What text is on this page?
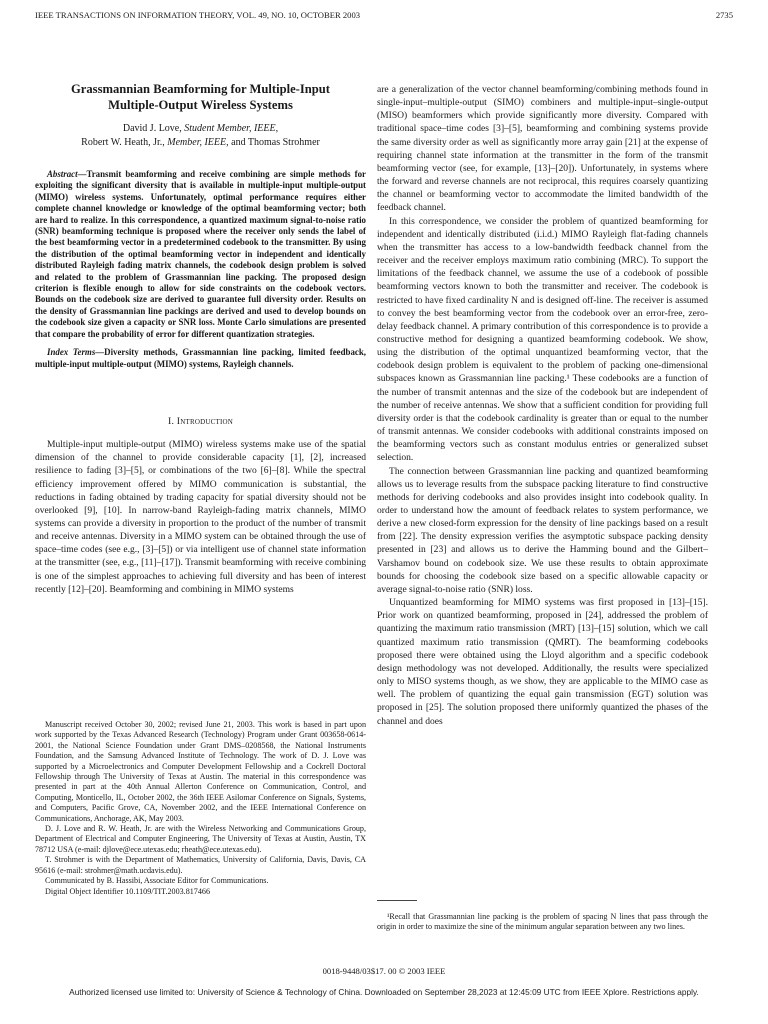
IEEE TRANSACTIONS ON INFORMATION THEORY, VOL. 49, NO. 10, OCTOBER 2003	2735
Grassmannian Beamforming for Multiple-Input
Multiple-Output Wireless Systems
David J. Love, Student Member, IEEE,
Robert W. Heath, Jr., Member, IEEE, and Thomas Strohmer

Abstract—Transmit beamforming and receive combining are simple methods for exploiting the significant diversity that is available in multiple-input multiple-output (MIMO) wireless systems. Unfortunately, optimal performance requires either complete channel knowledge or knowledge of the optimal beamforming vector; both are hard to realize. In this correspondence, a quantized maximum signal-to-noise ratio (SNR) beamforming technique is proposed where the receiver only sends the label of the best beamforming vector in a predetermined codebook to the transmitter. By using the distribution of the optimal beamforming vector in independent and identically distributed Rayleigh fading matrix channels, the codebook design problem is solved and related to the problem of Grassmannian line packing. The proposed design criterion is flexible enough to allow for side constraints on the codebook vectors. Bounds on the codebook size are derived to guarantee full diversity order. Results on the density of Grassmannian line packings are derived and used to develop bounds on the codebook size given a capacity or SNR loss. Monte Carlo simulations are presented that compare the probability of error for different quantization strategies.

Index Terms—Diversity methods, Grassmannian line packing, limited feedback, multiple-input multiple-output (MIMO) systems, Rayleigh channels.

I. Introduction

Multiple-input multiple-output (MIMO) wireless systems make use of the spatial dimension of the channel to provide considerable capacity [1], [2], increased resilience to fading [3]–[5], or combinations of the two [6]–[8]. While the spectral efficiency improvement offered by MIMO communication is substantial, the reductions in fading obtained by trading capacity for spatial diversity should not be overlooked [9], [10]. In narrow-band Rayleigh-fading matrix channels, MIMO systems can provide a diversity in proportion to the product of the number of transmit and receive antennas. Diversity in a MIMO system can be obtained through the use of space–time codes (see e.g., [3]–[5]) or via intelligent use of channel state information at the transmitter (see, e.g., [11]–[17]). Transmit beamforming with receive combining is one of the simplest approaches to achieving full diversity and has been of interest recently [12]–[20]. Beamforming and combining in MIMO systems

Manuscript received October 30, 2002; revised June 21, 2003. This work is based in part upon work supported by the Texas Advanced Research (Technology) Program under Grant 003658-0614-2001, the National Science Foundation under Grant DMS–0208568, the National Instruments Foundation, and the Samsung Advanced Institute of Technology. The work of D. J. Love was supported by a Microelectronics and Computer Development Fellowship and a Cockrell Doctoral Fellowship through The University of Texas at Austin. The material in this correspondence was presented in part at the 40th Annual Allerton Conference on Communication, Control, and Computing, Monticello, IL, October 2002, the 36th IEEE Asilomar Conference on Signals, Systems, and Computers, Pacific Grove, CA, November 2002, and the IEEE International Conference on Communications, Anchorage, AK, May 2003.

D. J. Love and R. W. Heath, Jr. are with the Wireless Networking and Communications Group, Department of Electrical and Computer Engineering, The University of Texas at Austin, Austin, TX 78712 USA (e-mail: djlove@ece.utexas.edu; rheath@ece.utexas.edu).

T. Strohmer is with the Department of Mathematics, University of California, Davis, Davis, CA 95616 (e-mail: strohmer@math.ucdavis.edu).

Communicated by B. Hassibi, Associate Editor for Communications.

Digital Object Identifier 10.1109/TIT.2003.817466

are a generalization of the vector channel beamforming/combining methods found in single-input–multiple-output (SIMO) combiners and multiple-input–single-output (MISO) beamformers which provide significantly more diversity. Compared with traditional space–time codes [3]–[5], beamforming and combining systems provide the same diversity order as well as significantly more array gain [21] at the expense of requiring channel state information at the transmitter in the form of the transmit beamforming vector (see, for example, [13]–[20]). Unfortunately, in systems where the forward and reverse channels are not reciprocal, this requires coarsely quantizing the channel or beamforming vector to accommodate the limited bandwidth of the feedback channel.

In this correspondence, we consider the problem of quantized beamforming for independent and identically distributed (i.i.d.) MIMO Rayleigh flat-fading channels when the transmitter has access to a low-bandwidth feedback channel from the receiver and the receiver employs maximum ratio combining (MRC). To support the limitations of the feedback channel, we assume the use of a codebook of possible beamforming vectors known to both the transmitter and receiver. The codebook is restricted to have fixed cardinality N and is designed off-line. The receiver is assumed to convey the best beamforming vector from the codebook over an error-free, zero-delay feedback channel. A primary contribution of this correspondence is to provide a constructive method for designing a quantized beamforming codebook. We show, using the distribution of the optimal unquantized beamforming vector, that the codebook design problem is equivalent to the problem of packing one-dimensional subspaces known as Grassmannian line packing.¹ These codebooks are a function of the number of transmit antennas and the size of the codebook but are independent of the number of receive antennas. We show that a sufficient condition for providing full diversity order is that the codebook cardinality is greater than or equal to the number of transmit antennas. We consider codebooks with additional constraints imposed on the beamforming vectors such as constant modulus entries or generalized subset selection.

The connection between Grassmannian line packing and quantized beamforming allows us to leverage results from the subspace packing literature to find constructive methods for deriving codebooks and also provides insight into codebook quality. In order to understand how the amount of feedback relates to system performance, we derive a new closed-form expression for the density of line packings based on a result from [22]. The density expression verifies the asymptotic subspace packing density presented in [23] and allows us to derive the Hamming bound and the Gilbert–Varshamov bound on codebook size. We use these results to obtain approximate bounds for choosing the codebook size based on a specific allowable capacity or average signal-to-noise ratio (SNR) loss.

Unquantized beamforming for MIMO systems was first proposed in [13]–[15]. Prior work on quantized beamforming, proposed in [24], addressed the problem of quantizing the maximum ratio transmission (MRT) [13]–[15] solution, which we call quantized maximum ratio transmission (QMRT). The beamforming codebooks proposed there were obtained using the Lloyd algorithm and a specific codebook design methodology was not developed. Additionally, the results were specialized only to MISO systems though, as we show, they are applicable to the MIMO case as well. The problem of quantizing the equal gain transmission (EGT) solution was proposed in [25]. The solution proposed there uniformly quantized the phases of the channel and does

¹Recall that Grassmannian line packing is the problem of spacing N lines that pass through the origin in order to maximize the sine of the minimum angular separation between any two lines.

0018-9448/03$17. 00 © 2003 IEEE
Authorized licensed use limited to: University of Science & Technology of China. Downloaded on September 28,2023 at 12:45:09 UTC from IEEE Xplore. Restrictions apply.
